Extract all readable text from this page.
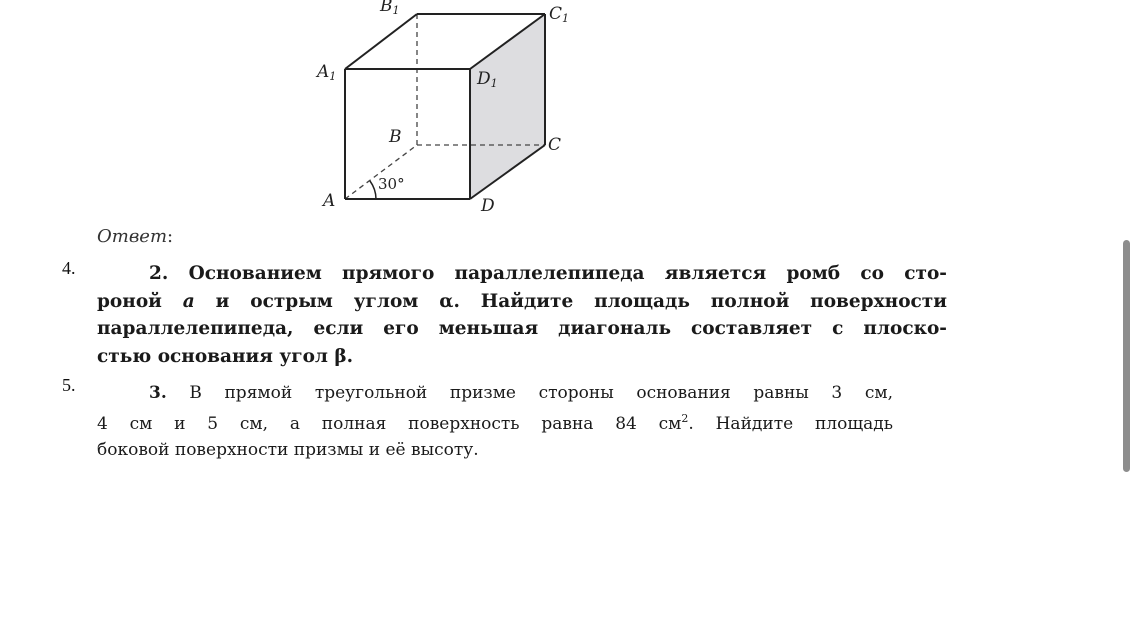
$B_1$	$C_1$
$A_1$	$D_1$
B	C
A	D
30°
Ответ:
4.	2. Основанием прямого параллелепипеда является ромб со сто-
роной a и острым углом α. Найдите площадь полной поверхности
параллелепипеда, если его меньшая диагональ составляет с плоско-
стью основания угол β.
5.	3. В прямой треугольной призме стороны основания равны 3 см,
4 см и 5 см, а полная поверхность равна 84 $см^2$. Найдите площадь
боковой поверхности призмы и её высоту.
